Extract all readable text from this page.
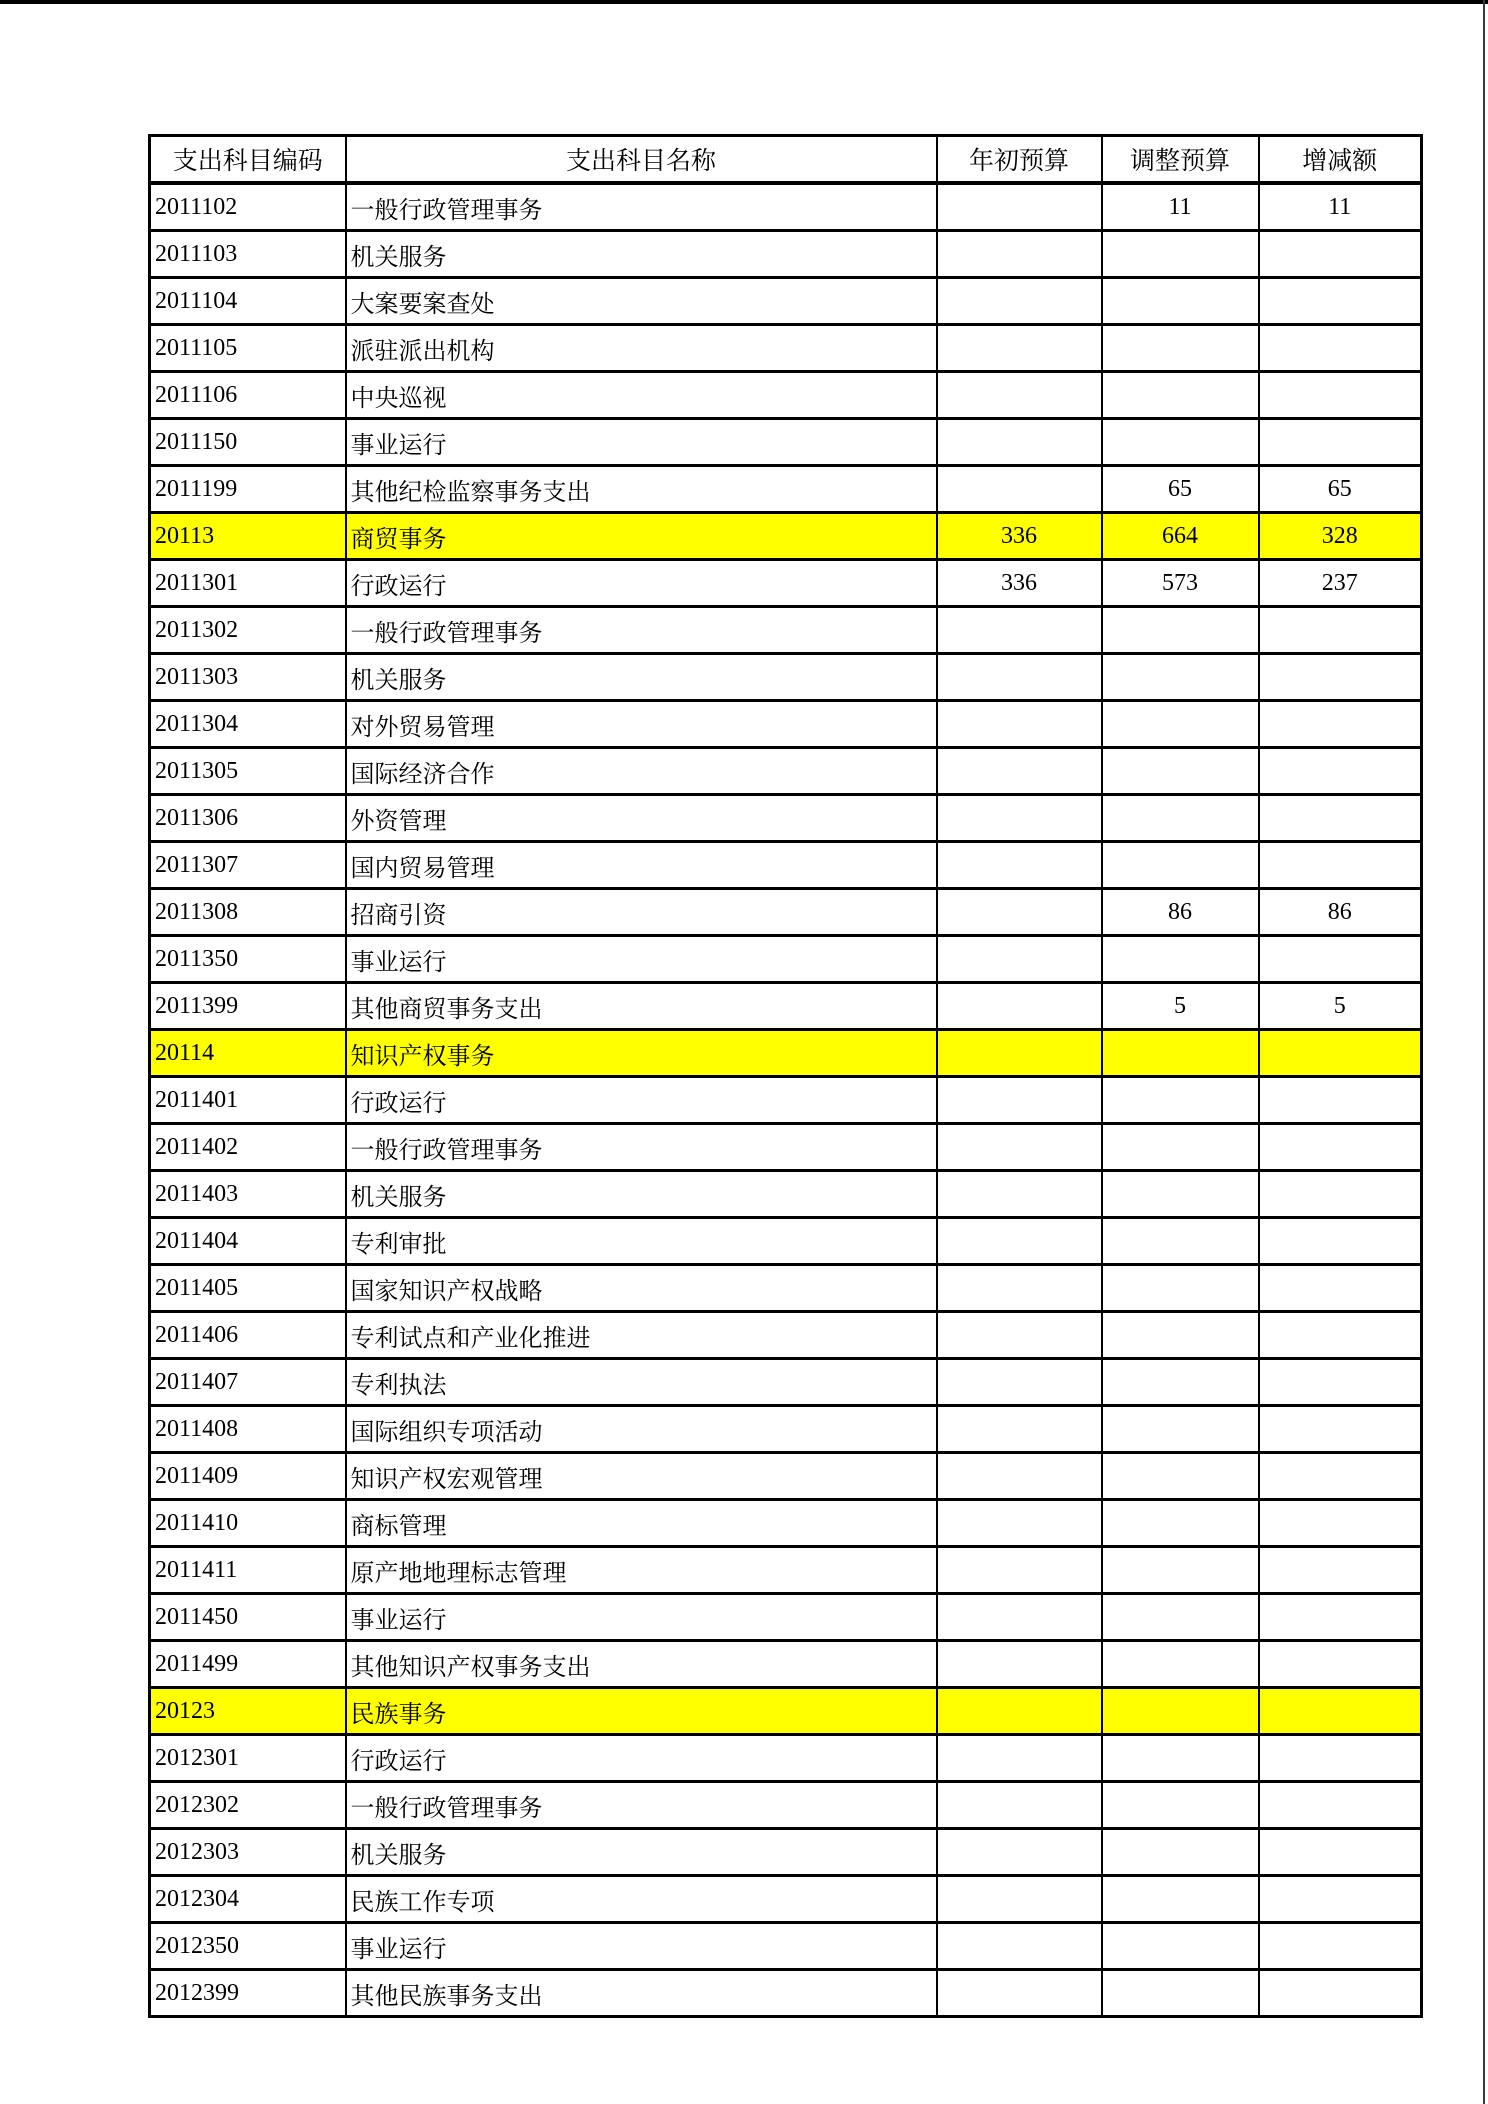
支出科目编码	支出科目名称	年初预算	调整预算	增减额
2011102	一般行政管理事务		11	11
2011103	机关服务			
2011104	大案要案查处			
2011105	派驻派出机构			
2011106	中央巡视			
2011150	事业运行			
2011199	其他纪检监察事务支出		65	65
20113	商贸事务	336	664	328
2011301	行政运行	336	573	237
2011302	一般行政管理事务			
2011303	机关服务			
2011304	对外贸易管理			
2011305	国际经济合作			
2011306	外资管理			
2011307	国内贸易管理			
2011308	招商引资		86	86
2011350	事业运行			
2011399	其他商贸事务支出		5	5
20114	知识产权事务			
2011401	行政运行			
2011402	一般行政管理事务			
2011403	机关服务			
2011404	专利审批			
2011405	国家知识产权战略			
2011406	专利试点和产业化推进			
2011407	专利执法			
2011408	国际组织专项活动			
2011409	知识产权宏观管理			
2011410	商标管理			
2011411	原产地地理标志管理			
2011450	事业运行			
2011499	其他知识产权事务支出			
20123	民族事务			
2012301	行政运行			
2012302	一般行政管理事务			
2012303	机关服务			
2012304	民族工作专项			
2012350	事业运行			
2012399	其他民族事务支出			
